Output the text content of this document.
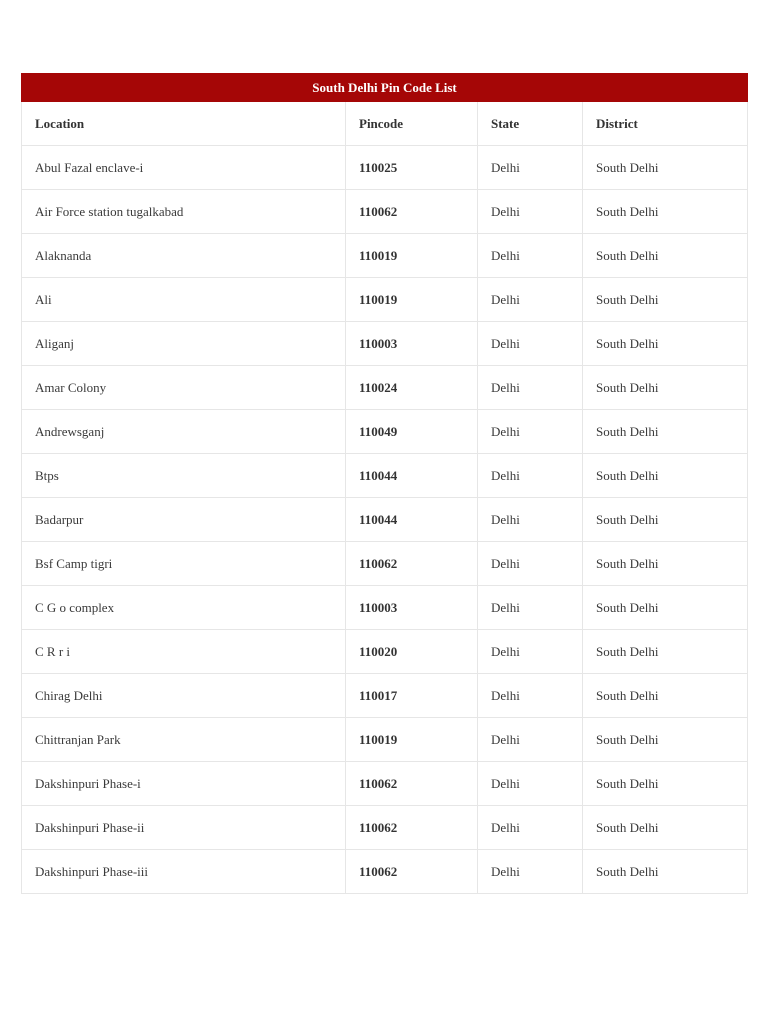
South Delhi Pin Code List			
Location	Pincode	State	District
Abul Fazal enclave-i	110025	Delhi	South Delhi
Air Force station tugalkabad	110062	Delhi	South Delhi
Alaknanda	110019	Delhi	South Delhi
Ali	110019	Delhi	South Delhi
Aliganj	110003	Delhi	South Delhi
Amar Colony	110024	Delhi	South Delhi
Andrewsganj	110049	Delhi	South Delhi
Btps	110044	Delhi	South Delhi
Badarpur	110044	Delhi	South Delhi
Bsf Camp tigri	110062	Delhi	South Delhi
C G o complex	110003	Delhi	South Delhi
C R r i	110020	Delhi	South Delhi
Chirag Delhi	110017	Delhi	South Delhi
Chittranjan Park	110019	Delhi	South Delhi
Dakshinpuri Phase-i	110062	Delhi	South Delhi
Dakshinpuri Phase-ii	110062	Delhi	South Delhi
Dakshinpuri Phase-iii	110062	Delhi	South Delhi
